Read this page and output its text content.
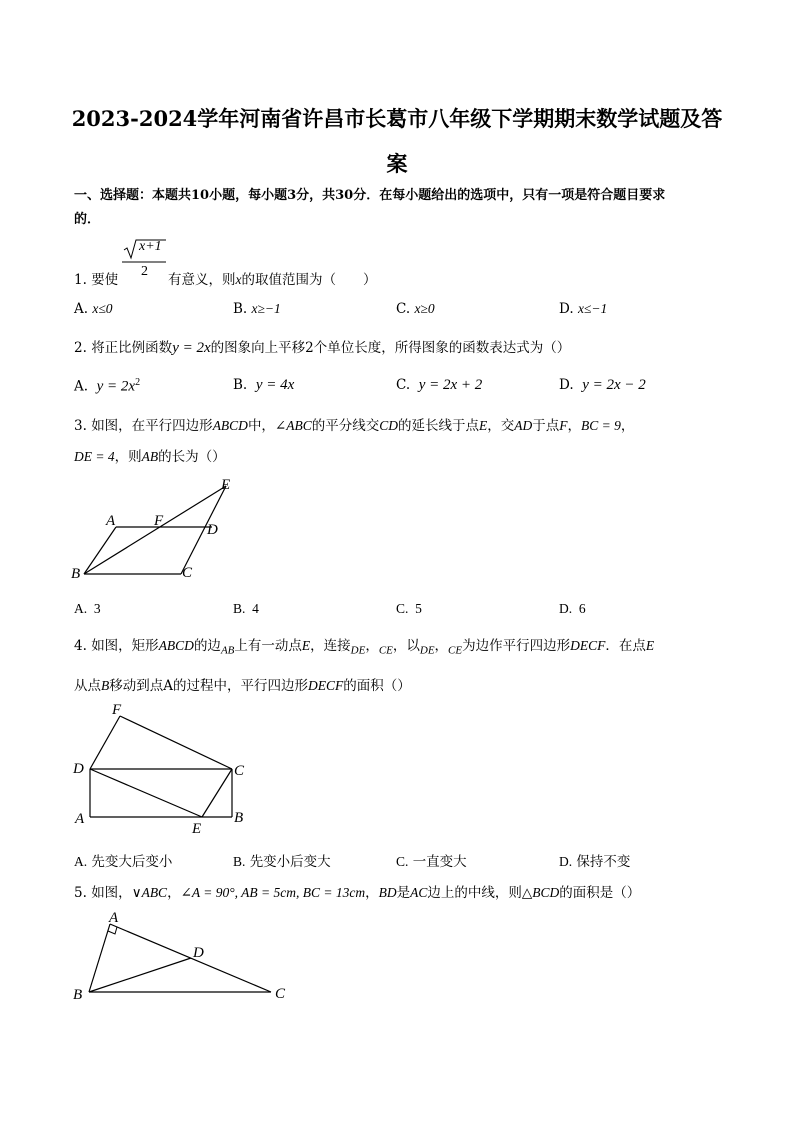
2023-2024学年河南省许昌市长葛市八年级下学期期末数学试题及答
案
一、选择题：本题共10小题，每小题3分，共30分．在每小题给出的选项中，只有一项是符合题目要求
的．
1. 要使
x+1
2
有意义，则x的取值范围为（　　）
A. x≤0	B. x≥−1	C. x≥0	D. x≤−1
2. 将正比例函数y = 2x的图象向上平移2个单位长度，所得图象的函数表达式为（）
A. $y = 2x^2$	B. y = 4x	C. y = 2x + 2	D. y = 2x − 2
3. 如图，在平行四边形ABCD中，∠ABC的平分线交CD的延长线于点E，交AD于点F，BC = 9，
DE = 4，则AB的长为（）
A	F
D
E
B	C
A. 3	B. 4	C. 5	D. 6
4. 如图，矩形ABCD的边$_{AB}$上有一动点E，连接$_{DE}$，$_{CE}$，以$_{DE}$，$_{CE}$为边作平行四边形DECF．在点E
从点B移动到点A的过程中，平行四边形DECF的面积（）
F
D	C
A
E
B
A. 先变大后变小	B. 先变小后变大	C. 一直变大	D. 保持不变
5. 如图，∨ABC，∠A = 90°, AB = 5cm, BC = 13cm，BD是AC边上的中线，则△BCD的面积是（）
A
D
B	C
